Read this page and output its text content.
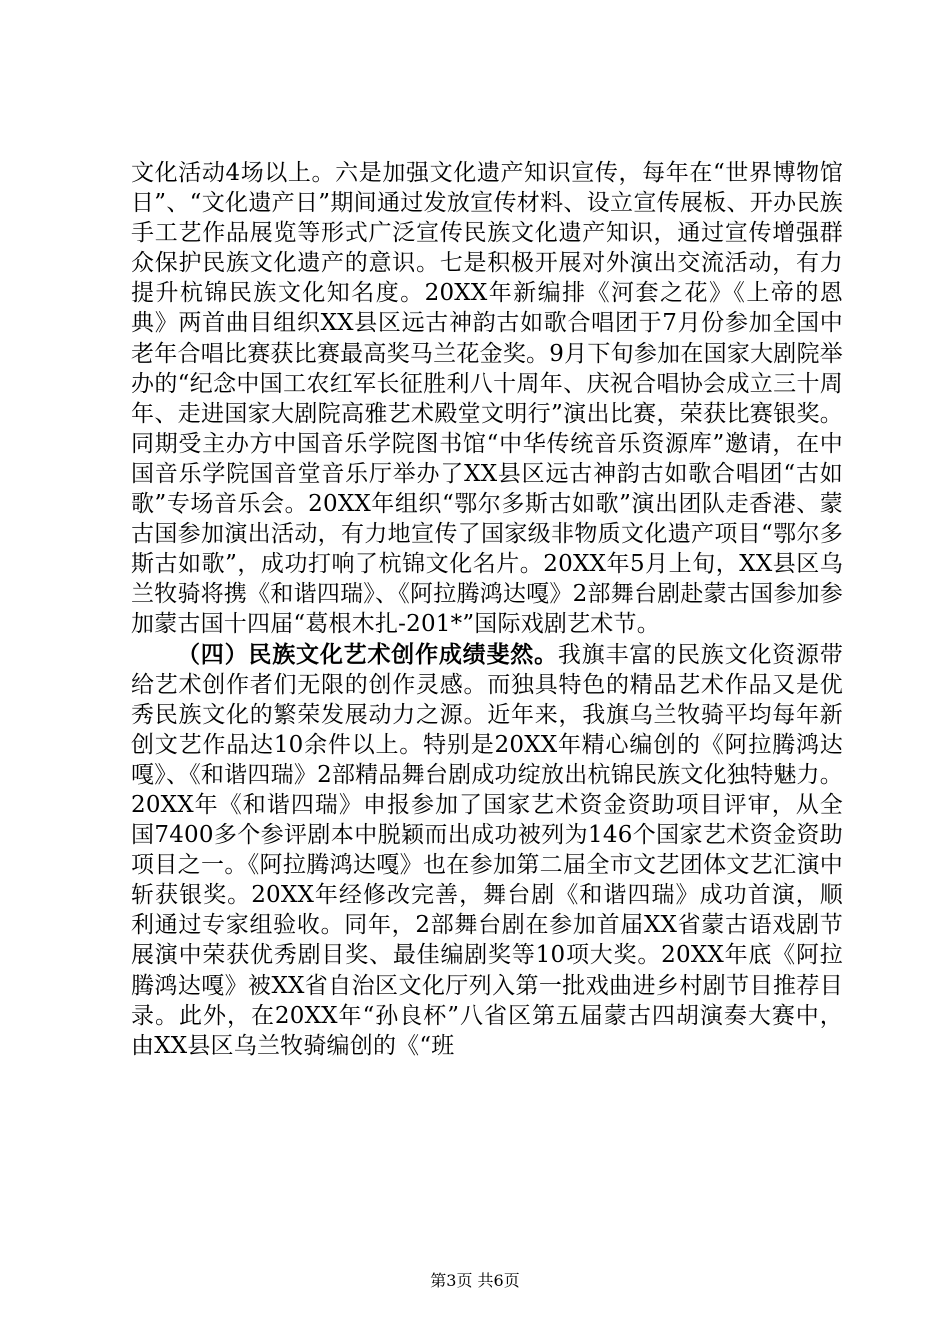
文化活动4场以上。六是加强文化遗产知识宣传，每年在“世界博物馆日”、“文化遗产日”期间通过发放宣传材料、设立宣传展板、开办民族手工艺作品展览等形式广泛宣传民族文化遗产知识，通过宣传增强群众保护民族文化遗产的意识。七是积极开展对外演出交流活动，有力提升杭锦民族文化知名度。20XX年新编排《河套之花》《上帝的恩典》两首曲目组织XX县区远古神韵古如歌合唱团于7月份参加全国中老年合唱比赛获比赛最高奖马兰花金奖。9月下旬参加在国家大剧院举办的“纪念中国工农红军长征胜利八十周年、庆祝合唱协会成立三十周年、走进国家大剧院高雅艺术殿堂文明行”演出比赛，荣获比赛银奖。同期受主办方中国音乐学院图书馆“中华传统音乐资源库”邀请，在中国音乐学院国音堂音乐厅举办了XX县区远古神韵古如歌合唱团“古如歌”专场音乐会。20XX年组织“鄂尔多斯古如歌”演出团队走香港、蒙古国参加演出活动，有力地宣传了国家级非物质文化遗产项目“鄂尔多斯古如歌”，成功打响了杭锦文化名片。20XX年5月上旬，XX县区乌兰牧骑将携《和谐四瑞》、《阿拉腾鸿达嘎》2部舞台剧赴蒙古国参加参加蒙古国十四届“葛根木扎-201*”国际戏剧艺术节。

（四）民族文化艺术创作成绩斐然。我旗丰富的民族文化资源带给艺术创作者们无限的创作灵感。而独具特色的精品艺术作品又是优秀民族文化的繁荣发展动力之源。近年来，我旗乌兰牧骑平均每年新创文艺作品达10余件以上。特别是20XX年精心编创的《阿拉腾鸿达嘎》、《和谐四瑞》2部精品舞台剧成功绽放出杭锦民族文化独特魅力。20XX年《和谐四瑞》申报参加了国家艺术资金资助项目评审，从全国7400多个参评剧本中脱颖而出成功被列为146个国家艺术资金资助项目之一。《阿拉腾鸿达嘎》也在参加第二届全市文艺团体文艺汇演中斩获银奖。20XX年经修改完善，舞台剧《和谐四瑞》成功首演，顺利通过专家组验收。同年，2部舞台剧在参加首届XX省蒙古语戏剧节展演中荣获优秀剧目奖、最佳编剧奖等10项大奖。20XX年底《阿拉腾鸿达嘎》被XX省自治区文化厅列入第一批戏曲进乡村剧节目推荐目录。此外，在20XX年“孙良杯”八省区第五届蒙古四胡演奏大赛中，由XX县区乌兰牧骑编创的《“班

第3页 共6页
